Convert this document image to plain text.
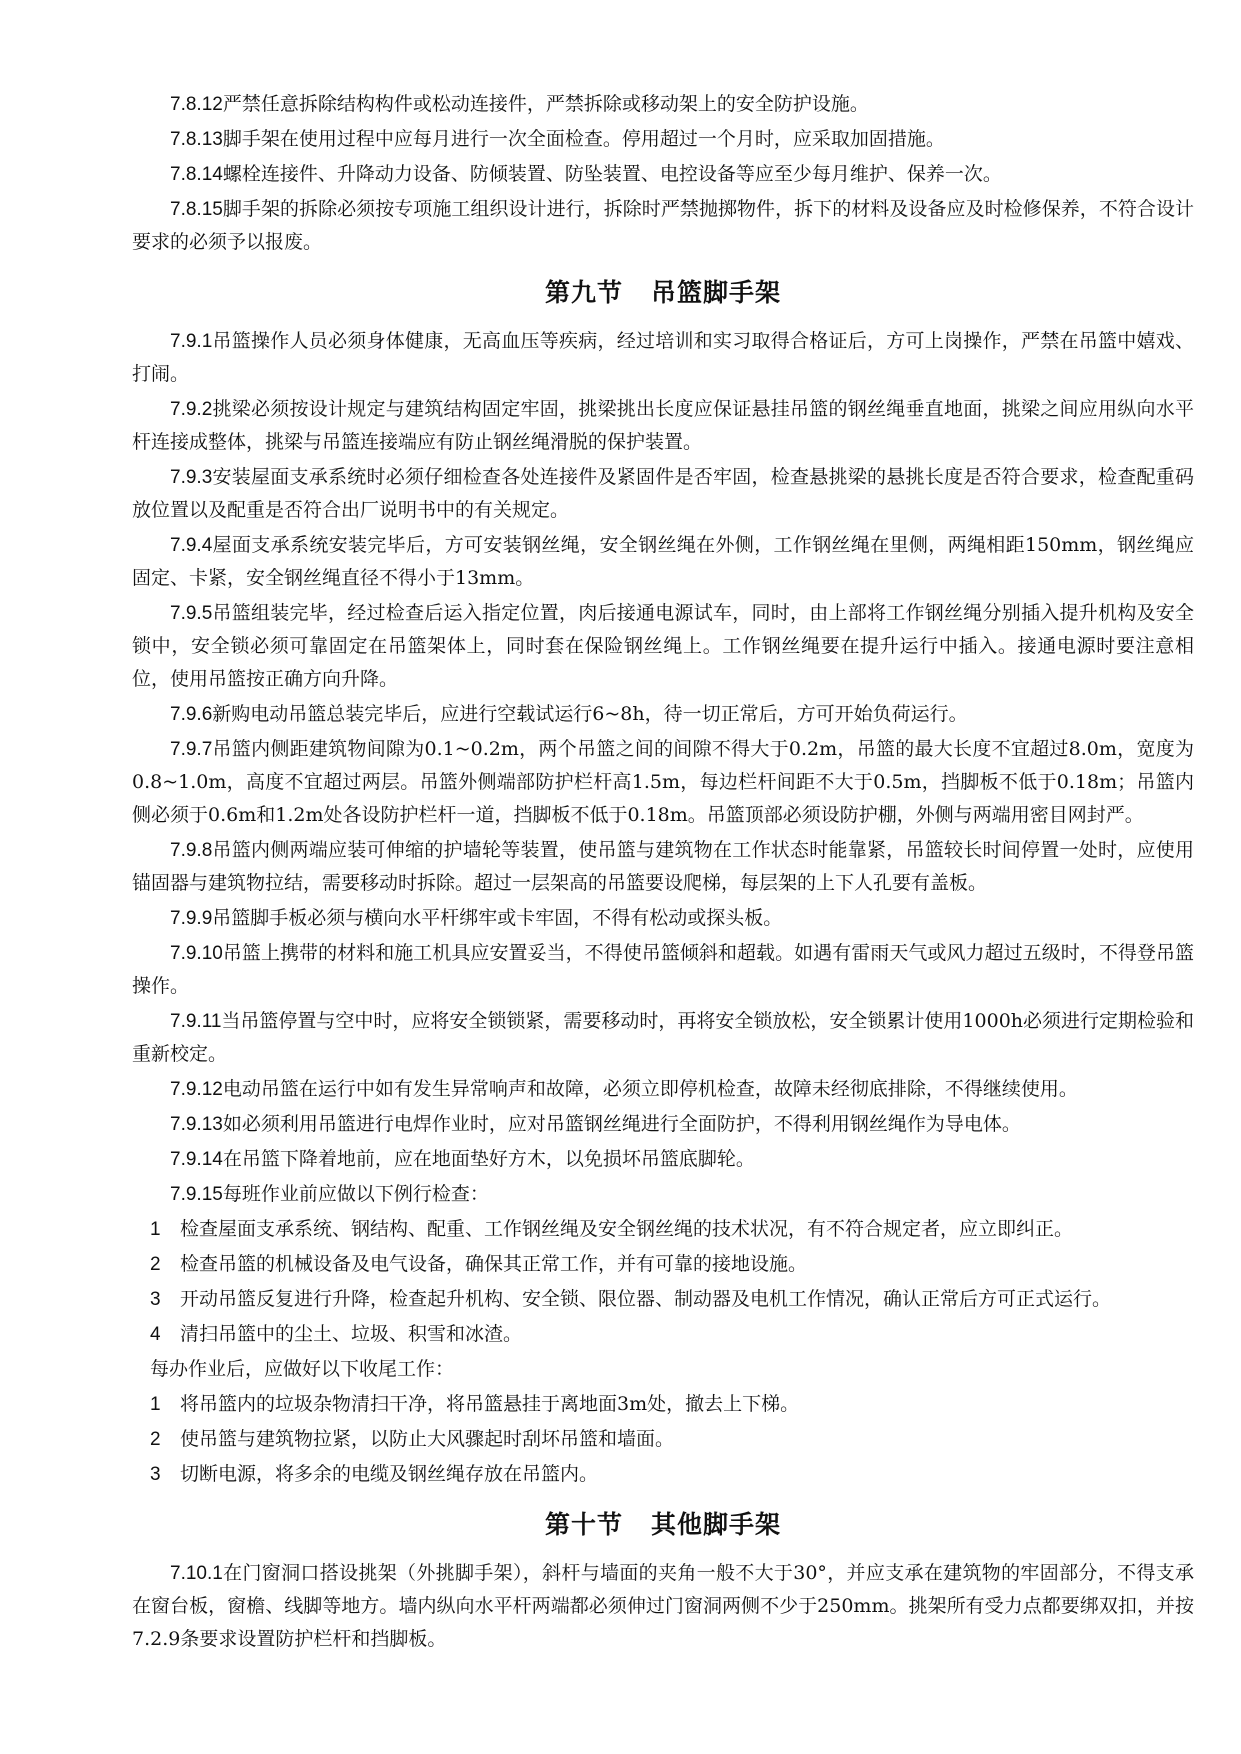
7.8.12严禁任意拆除结构构件或松动连接件，严禁拆除或移动架上的安全防护设施。

7.8.13脚手架在使用过程中应每月进行一次全面检查。停用超过一个月时，应采取加固措施。

7.8.14螺栓连接件、升降动力设备、防倾装置、防坠装置、电控设备等应至少每月维护、保养一次。

7.8.15脚手架的拆除必须按专项施工组织设计进行，拆除时严禁抛掷物件，拆下的材料及设备应及时检修保养，不符合设计要求的必须予以报废。

第九节 吊篮脚手架

7.9.1吊篮操作人员必须身体健康，无高血压等疾病，经过培训和实习取得合格证后，方可上岗操作，严禁在吊篮中嬉戏、打闹。

7.9.2挑梁必须按设计规定与建筑结构固定牢固，挑梁挑出长度应保证悬挂吊篮的钢丝绳垂直地面，挑梁之间应用纵向水平杆连接成整体，挑梁与吊篮连接端应有防止钢丝绳滑脱的保护装置。

7.9.3安装屋面支承系统时必须仔细检查各处连接件及紧固件是否牢固，检查悬挑梁的悬挑长度是否符合要求，检查配重码放位置以及配重是否符合出厂说明书中的有关规定。

7.9.4屋面支承系统安装完毕后，方可安装钢丝绳，安全钢丝绳在外侧，工作钢丝绳在里侧，两绳相距150mm，钢丝绳应固定、卡紧，安全钢丝绳直径不得小于13mm。

7.9.5吊篮组装完毕，经过检查后运入指定位置，肉后接通电源试车，同时，由上部将工作钢丝绳分别插入提升机构及安全锁中，安全锁必须可靠固定在吊篮架体上，同时套在保险钢丝绳上。工作钢丝绳要在提升运行中插入。接通电源时要注意相位，使用吊篮按正确方向升降。

7.9.6新购电动吊篮总装完毕后，应进行空载试运行6~8h，待一切正常后，方可开始负荷运行。

7.9.7吊篮内侧距建筑物间隙为0.1~0.2m，两个吊篮之间的间隙不得大于0.2m，吊篮的最大长度不宜超过8.0m，宽度为0.8~1.0m，高度不宜超过两层。吊篮外侧端部防护栏杆高1.5m，每边栏杆间距不大于0.5m，挡脚板不低于0.18m；吊篮内侧必须于0.6m和1.2m处各设防护栏杆一道，挡脚板不低于0.18m。吊篮顶部必须设防护棚，外侧与两端用密目网封严。

7.9.8吊篮内侧两端应装可伸缩的护墙轮等装置，使吊篮与建筑物在工作状态时能靠紧，吊篮较长时间停置一处时，应使用锚固器与建筑物拉结，需要移动时拆除。超过一层架高的吊篮要设爬梯，每层架的上下人孔要有盖板。

7.9.9吊篮脚手板必须与横向水平杆绑牢或卡牢固，不得有松动或探头板。

7.9.10吊篮上携带的材料和施工机具应安置妥当，不得使吊篮倾斜和超载。如遇有雷雨天气或风力超过五级时，不得登吊篮操作。

7.9.11当吊篮停置与空中时，应将安全锁锁紧，需要移动时，再将安全锁放松，安全锁累计使用1000h必须进行定期检验和重新校定。

7.9.12电动吊篮在运行中如有发生异常响声和故障，必须立即停机检查，故障未经彻底排除，不得继续使用。

7.9.13如必须利用吊篮进行电焊作业时，应对吊篮钢丝绳进行全面防护，不得利用钢丝绳作为导电体。

7.9.14在吊篮下降着地前，应在地面垫好方木，以免损坏吊篮底脚轮。

7.9.15每班作业前应做以下例行检查：

1 检查屋面支承系统、钢结构、配重、工作钢丝绳及安全钢丝绳的技术状况，有不符合规定者，应立即纠正。

2 检查吊篮的机械设备及电气设备，确保其正常工作，并有可靠的接地设施。

3 开动吊篮反复进行升降，检查起升机构、安全锁、限位器、制动器及电机工作情况，确认正常后方可正式运行。

4 清扫吊篮中的尘土、垃圾、积雪和冰渣。

每办作业后，应做好以下收尾工作：

1 将吊篮内的垃圾杂物清扫干净，将吊篮悬挂于离地面3m处，撤去上下梯。

2 使吊篮与建筑物拉紧，以防止大风骤起时刮坏吊篮和墙面。

3 切断电源，将多余的电缆及钢丝绳存放在吊篮内。

第十节 其他脚手架

7.10.1在门窗洞口搭设挑架（外挑脚手架），斜杆与墙面的夹角一般不大于30°，并应支承在建筑物的牢固部分，不得支承在窗台板，窗檐、线脚等地方。墙内纵向水平杆两端都必须伸过门窗洞两侧不少于250mm。挑架所有受力点都要绑双扣，并按7.2.9条要求设置防护栏杆和挡脚板。
